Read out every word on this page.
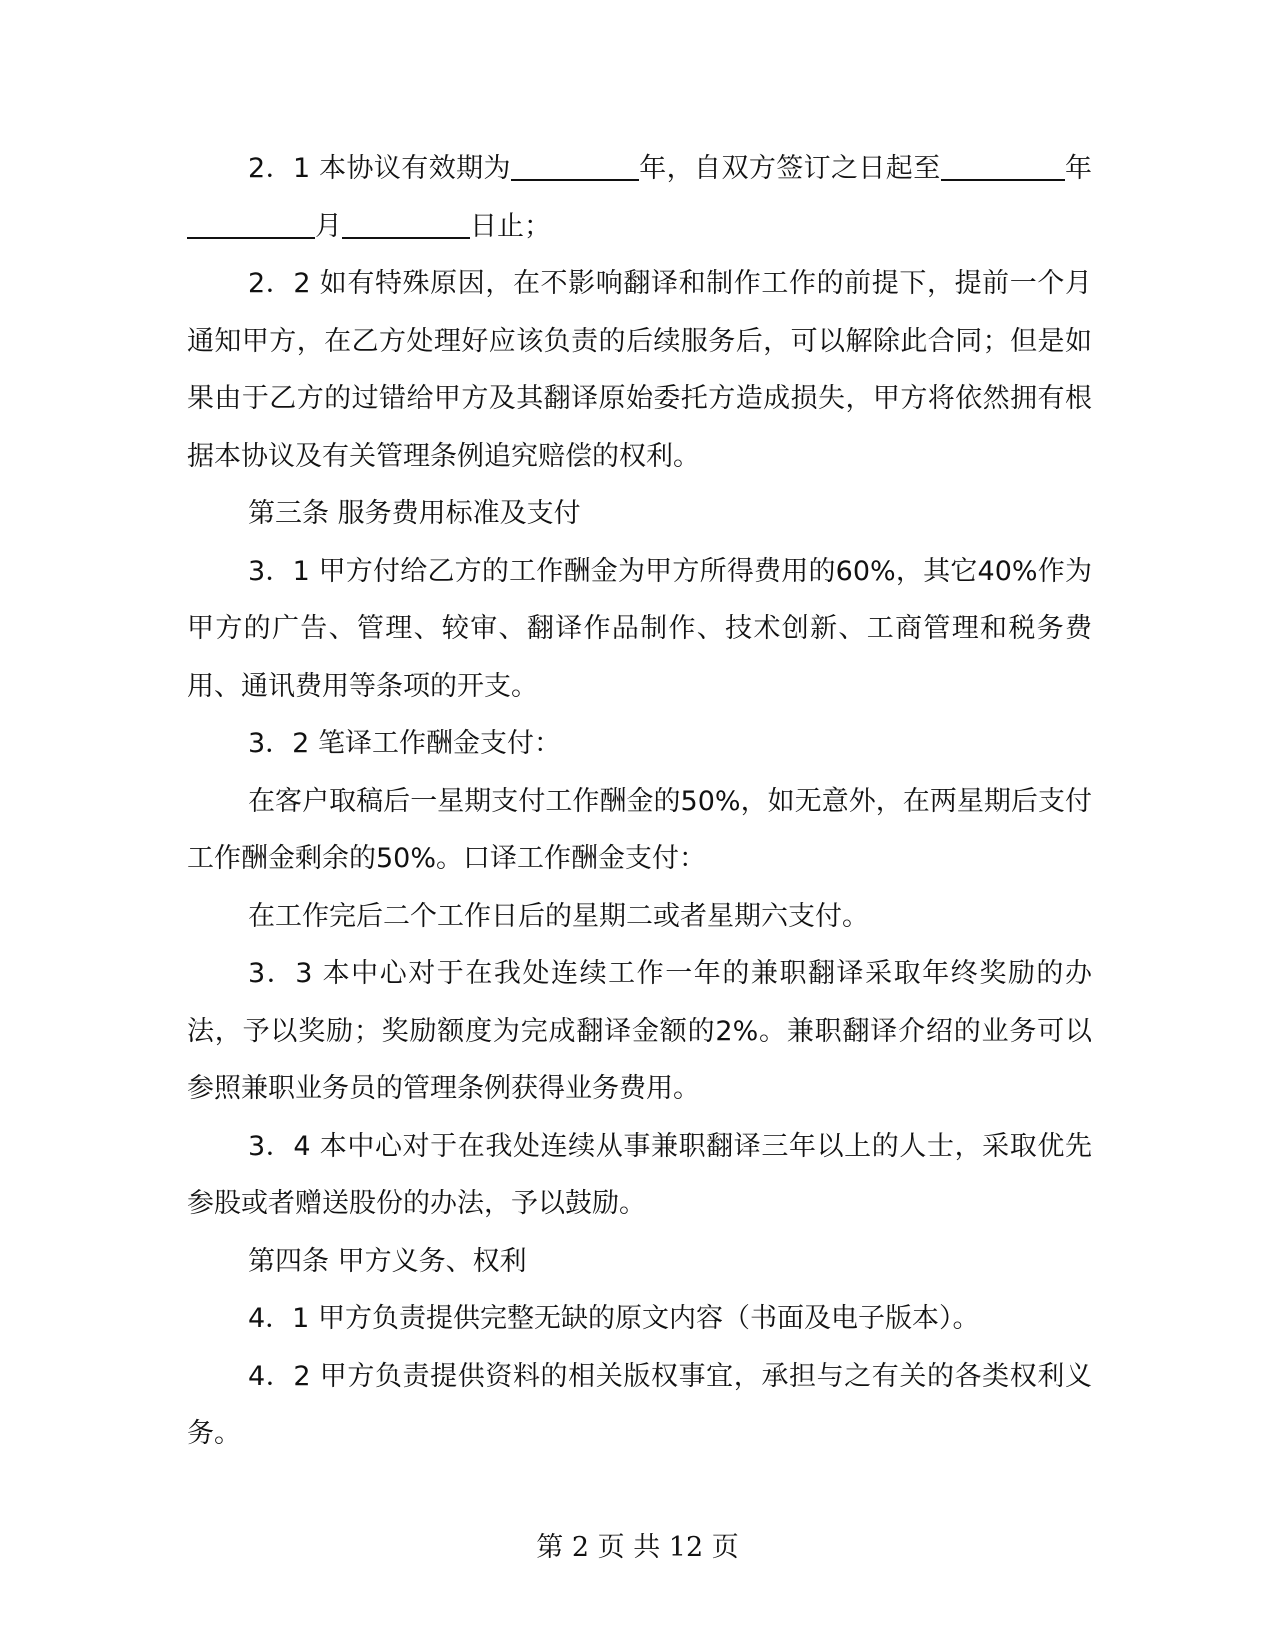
2．1 本协议有效期为	年，自双方签订之日起至	年月	日止；

2．2 如有特殊原因，在不影响翻译和制作工作的前提下，提前一个月通知甲方，在乙方处理好应该负责的后续服务后，可以解除此合同；但是如果由于乙方的过错给甲方及其翻译原始委托方造成损失，甲方将依然拥有根据本协议及有关管理条例追究赔偿的权利。

第三条 服务费用标准及支付

3．1 甲方付给乙方的工作酬金为甲方所得费用的60%，其它40%作为甲方的广告、管理、较审、翻译作品制作、技术创新、工商管理和税务费用、通讯费用等条项的开支。

3．2 笔译工作酬金支付：

在客户取稿后一星期支付工作酬金的50%，如无意外，在两星期后支付工作酬金剩余的50%。口译工作酬金支付：

在工作完后二个工作日后的星期二或者星期六支付。

3．3 本中心对于在我处连续工作一年的兼职翻译采取年终奖励的办法，予以奖励；奖励额度为完成翻译金额的2%。兼职翻译介绍的业务可以参照兼职业务员的管理条例获得业务费用。

3．4 本中心对于在我处连续从事兼职翻译三年以上的人士，采取优先参股或者赠送股份的办法，予以鼓励。

第四条 甲方义务、权利

4．1 甲方负责提供完整无缺的原文内容（书面及电子版本）。

4．2 甲方负责提供资料的相关版权事宜，承担与之有关的各类权利义务。

第 2 页 共 12 页
